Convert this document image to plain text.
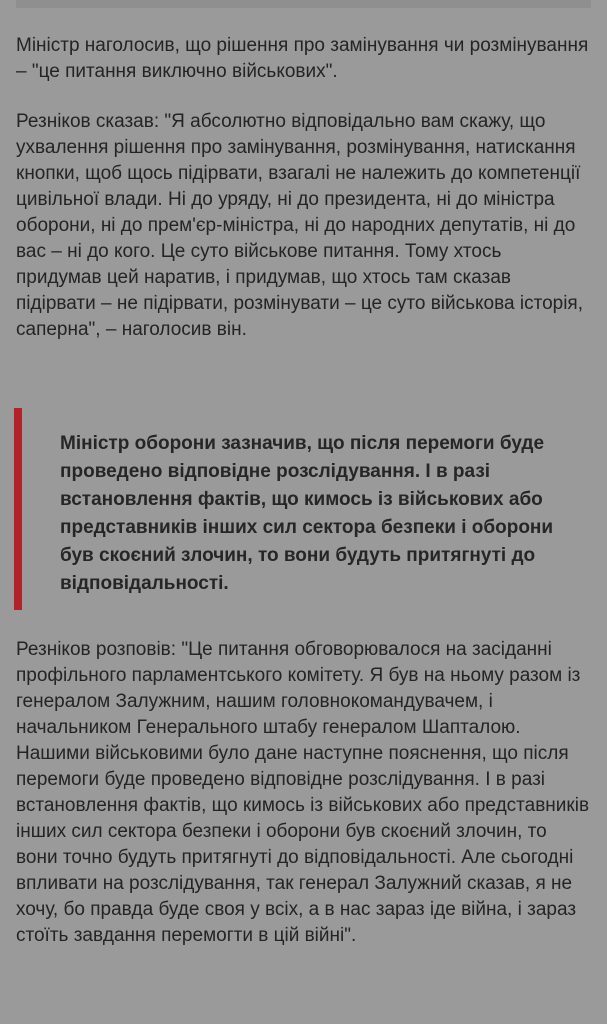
Міністр наголосив, що рішення про замінування чи розмінування – "це питання виключно військових".

Резніков сказав: "Я абсолютно відповідально вам скажу, що ухвалення рішення про замінування, розмінування, натискання кнопки, щоб щось підірвати, взагалі не належить до компетенції цивільної влади. Ні до уряду, ні до президента, ні до міністра оборони, ні до прем'єр-міністра, ні до народних депутатів, ні до вас – ні до кого. Це суто військове питання. Тому хтось придумав цей наратив, і придумав, що хтось там сказав підірвати – не підірвати, розмінувати – це суто військова історія, саперна", – наголосив він.

Міністр оборони зазначив, що після перемоги буде проведено відповідне розслідування. І в разі встановлення фактів, що кимось із військових або представників інших сил сектора безпеки і оборони був скоєний злочин, то вони будуть притягнуті до відповідальності.

Резніков розповів: "Це питання обговорювалося на засіданні профільного парламентського комітету. Я був на ньому разом із генералом Залужним, нашим головнокомандувачем, і начальником Генерального штабу генералом Шапталою. Нашими військовими було дане наступне пояснення, що після перемоги буде проведено відповідне розслідування. І в разі встановлення фактів, що кимось із військових або представників інших сил сектора безпеки і оборони був скоєний злочин, то вони точно будуть притягнуті до відповідальності. Але сьогодні впливати на розслідування, так генерал Залужний сказав, я не хочу, бо правда буде своя у всіх, а в нас зараз іде війна, і зараз стоїть завдання перемогти в цій війні".
